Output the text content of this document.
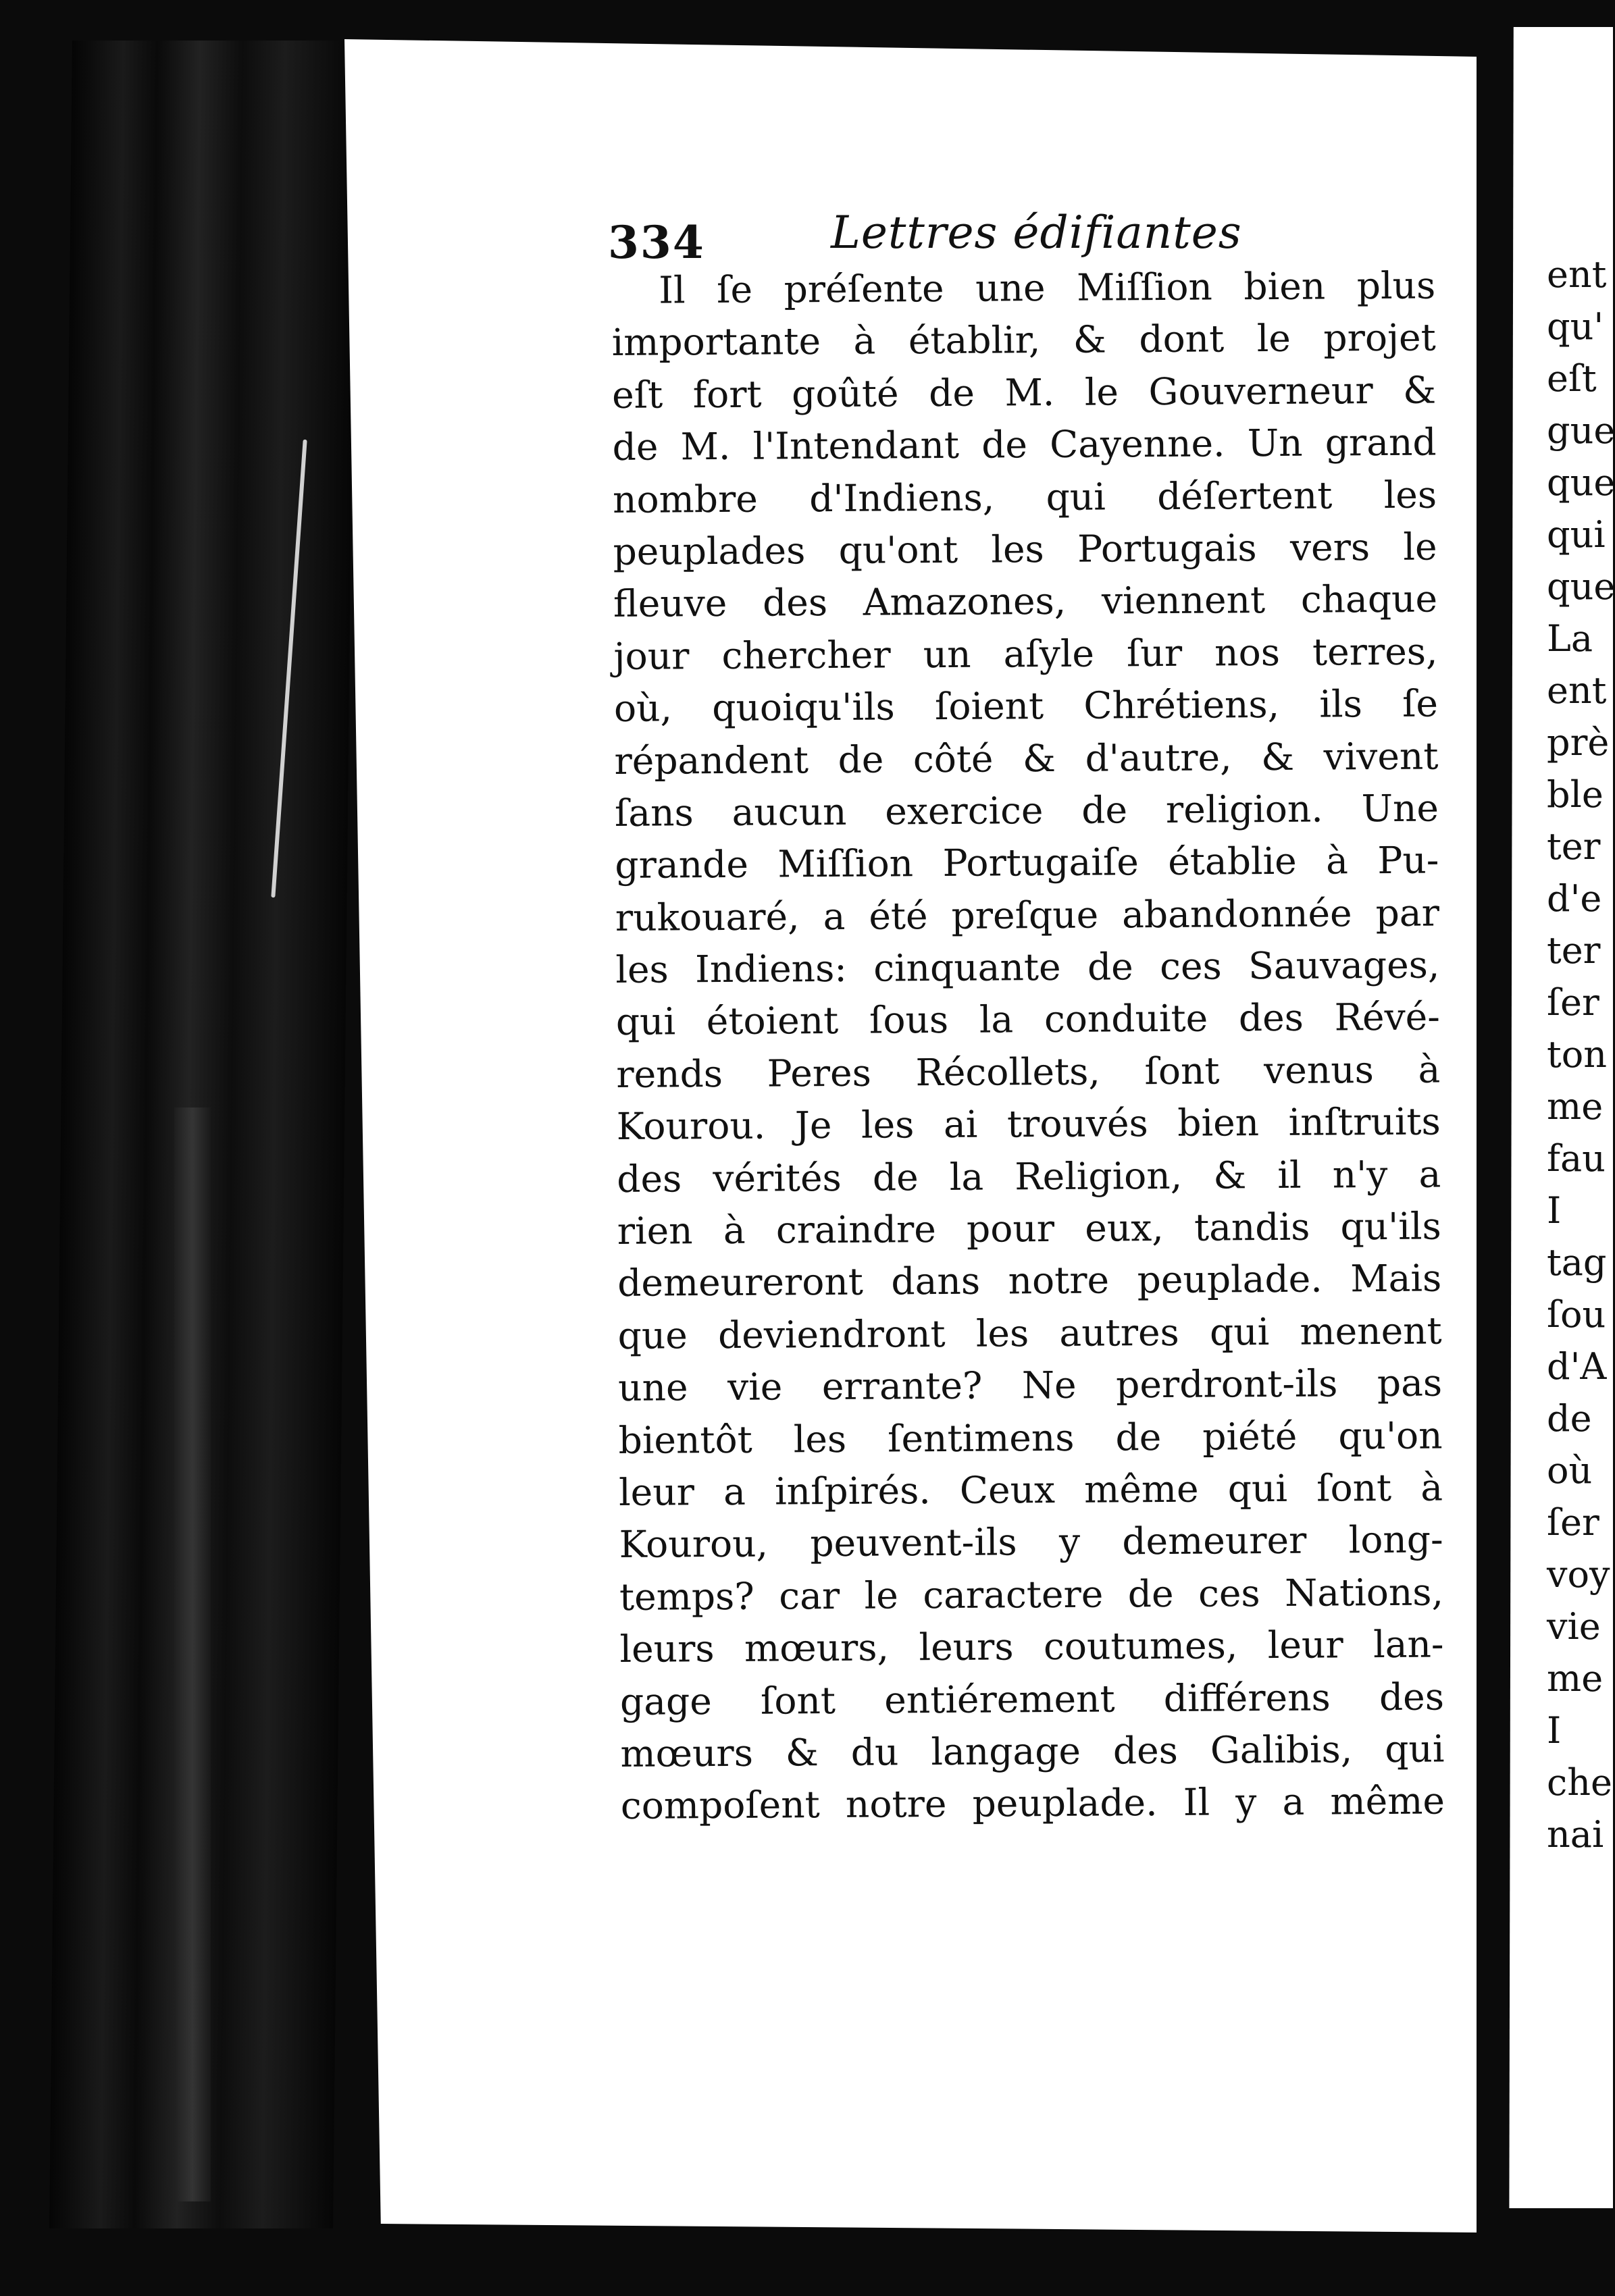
334	Lettres édifiantes
Il ſe préſente une Miſſion bien plus
importante à établir, & dont le projet
eſt fort goûté de M. le Gouverneur &
de M. l'Intendant de Cayenne. Un grand
nombre d'Indiens, qui déſertent les
peuplades qu'ont les Portugais vers le
fleuve des Amazones, viennent chaque
jour chercher un aſyle ſur nos terres,
où, quoiqu'ils ſoient Chrétiens, ils ſe
répandent de côté & d'autre, & vivent
ſans aucun exercice de religion. Une
grande Miſſion Portugaiſe établie à Pu-
rukouaré, a été preſque abandonnée par
les Indiens: cinquante de ces Sauvages,
qui étoient ſous la conduite des Révé-
rends Peres Récollets, ſont venus à
Kourou. Je les ai trouvés bien inſtruits
des vérités de la Religion, & il n'y a
rien à craindre pour eux, tandis qu'ils
demeureront dans notre peuplade. Mais
que deviendront les autres qui menent
une vie errante? Ne perdront-ils pas
bientôt les ſentimens de piété qu'on
leur a inſpirés. Ceux même qui ſont à
Kourou, peuvent-ils y demeurer long-
temps? car le caractere de ces Nations,
leurs mœurs, leurs coutumes, leur lan-
gage ſont entiérement différens des
mœurs & du langage des Galibis, qui
compoſent notre peuplade. Il y a même
ent
qu'
eſt
gue
que
qui
que
La
ent
prè
ble
ter
d'e
ter
ſer
ton
me
fau
I
tag
ſou
d'A
de
où
ſer
voy
vie
me
I
che
nai
